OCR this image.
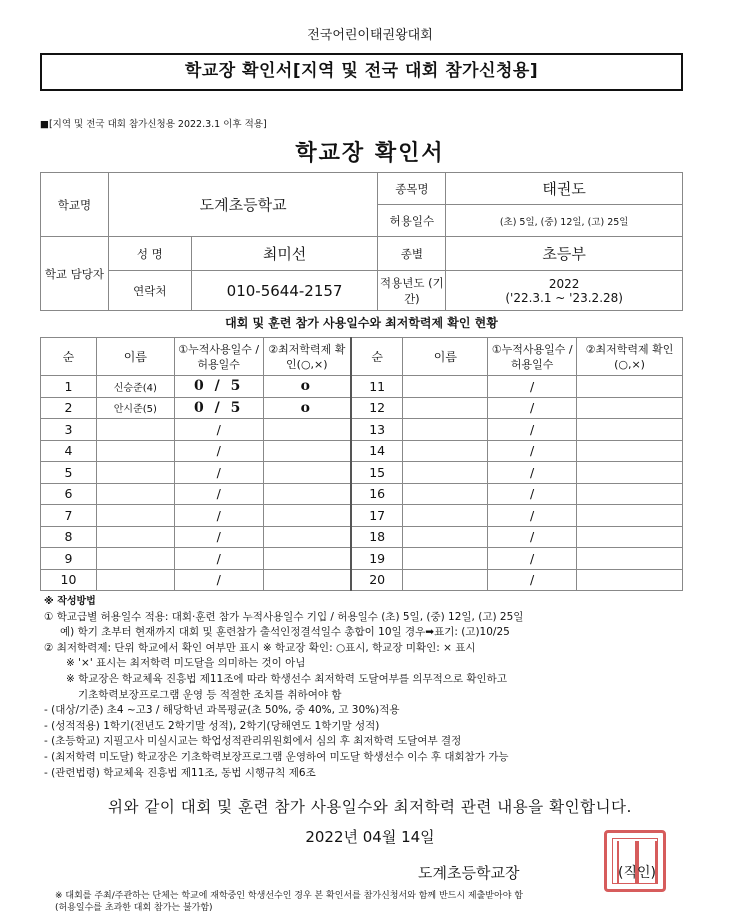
전국어린이태권왕대회
학교장 확인서[지역 및 전국 대회 참가신청용]
■[지역 및 전국 대회 참가신청용 2022.3.1 이후 적용]
학교장 확인서
학교명	도계초등학교		종목명	태권도
			허용일수	(초) 5일, (중) 12일, (고) 25일
학교 담당자	성 명	최미선	종별	초등부
	연락처	010-5644-2157	적용년도 (기간)	2022
('22.3.1 ~ '23.2.28)
대회 및 훈련 참가 사용일수와 최저학력제 확인 현황
순	이름	①누적사용일수 /허용일수	②최저학력제 확인(○,×)	순	이름	①누적사용일수 /허용일수	②최저학력제 확인(○,×)
1	신승준(4)	0 / 5	o	11		/	
2	안시준(5)	0 / 5	o	12		/	
3		/		13		/	
4		/		14		/	
5		/		15		/	
6		/		16		/	
7		/		17		/	
8		/		18		/	
9		/		19		/	
10		/		20		/	
※ 작성방법
① 학교급별 허용일수 적용: 대회·훈련 참가 누적사용일수 기입 / 허용일수 (초) 5일, (중) 12일, (고) 25일
예) 학기 초부터 현재까지 대회 및 훈련참가 출석인정결석일수 총합이 10일 경우➡표기: (고)10/25
② 최저학력제: 단위 학교에서 확인 여부만 표시 ※ 학교장 확인: ○표시, 학교장 미확인: × 표시
※ '×' 표시는 최저학력 미도달을 의미하는 것이 아님
※ 학교장은 학교체육 진흥법 제11조에 따라 학생선수 최저학력 도달여부를 의무적으로 확인하고
기초학력보장프로그램 운영 등 적절한 조치를 취하여야 함
- (대상/기준) 초4 ~고3 / 해당학년 과목평균(초 50%, 중 40%, 고 30%)적용
- (성적적용) 1학기(전년도 2학기말 성적), 2학기(당해연도 1학기말 성적)
- (초등학교) 지필고사 미실시교는 학업성적관리위원회에서 심의 후 최저학력 도달여부 결정
- (최저학력 미도달) 학교장은 기초학력보장프로그램 운영하여 미도달 학생선수 이수 후 대회참가 가능
- (관련법령) 학교체육 진흥법 제11조, 동법 시행규칙 제6조
위와 같이 대회 및 훈련 참가 사용일수와 최저학력 관련 내용을 확인합니다.
2022년 04월 14일
도계초등학교장	(직인)
※ 대회를 주최/주관하는 단체는 학교에 재학중인 학생선수인 경우 본 확인서를 참가신청서와 함께 반드시 제출받아야 함
(허용일수를 초과한 대회 참가는 불가함)
